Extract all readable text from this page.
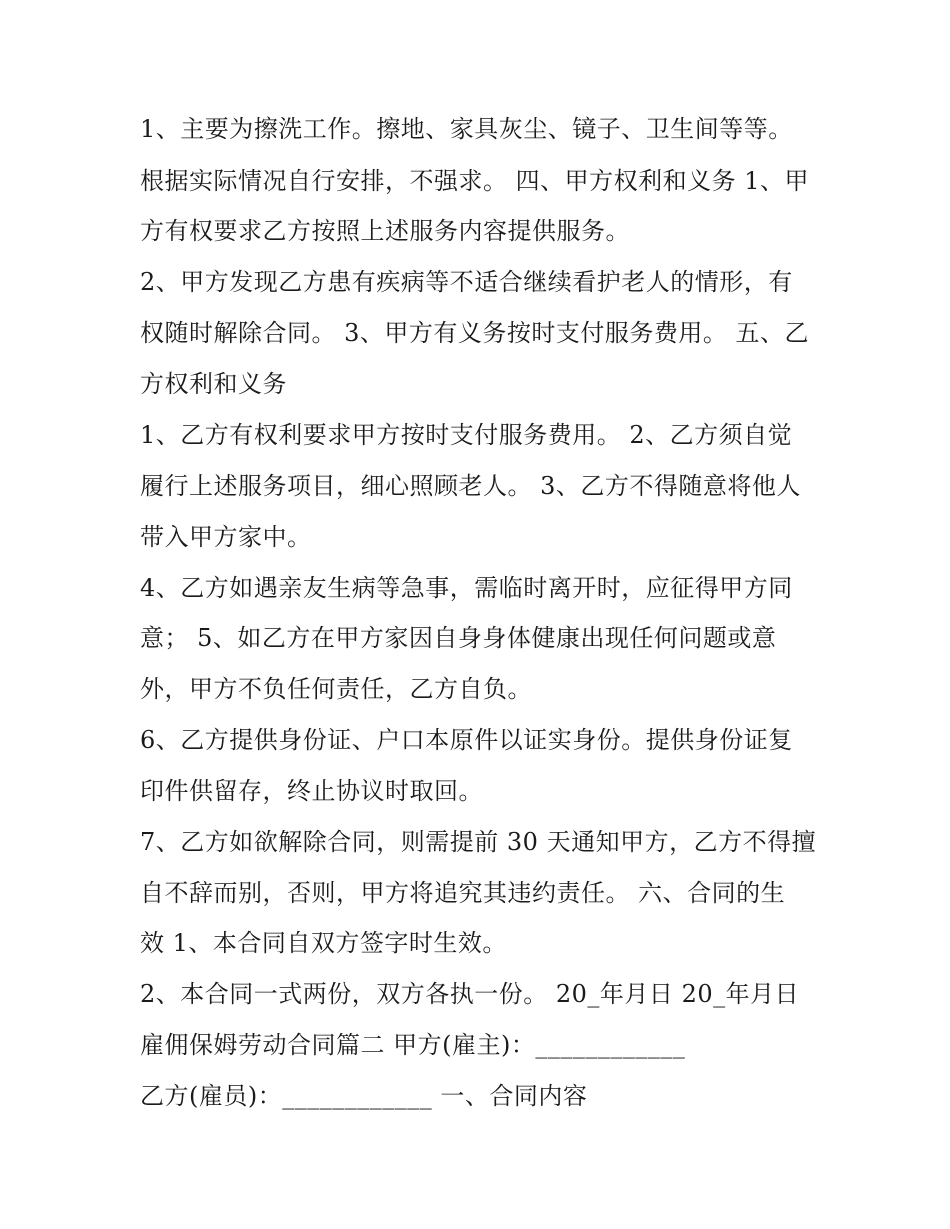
1、主要为擦洗工作。擦地、家具灰尘、镜子、卫生间等等。
根据实际情况自行安排，不强求。 四、甲方权利和义务 1、甲
方有权要求乙方按照上述服务内容提供服务。
2、甲方发现乙方患有疾病等不适合继续看护老人的情形，有
权随时解除合同。 3、甲方有义务按时支付服务费用。 五、乙
方权利和义务
1、乙方有权利要求甲方按时支付服务费用。 2、乙方须自觉
履行上述服务项目，细心照顾老人。 3、乙方不得随意将他人
带入甲方家中。
4、乙方如遇亲友生病等急事，需临时离开时，应征得甲方同
意； 5、如乙方在甲方家因自身身体健康出现任何问题或意
外，甲方不负任何责任，乙方自负。
6、乙方提供身份证、户口本原件以证实身份。提供身份证复
印件供留存，终止协议时取回。
7、乙方如欲解除合同，则需提前 30 天通知甲方，乙方不得擅
自不辞而别，否则，甲方将追究其违约责任。 六、合同的生
效 1、本合同自双方签字时生效。
2、本合同一式两份，双方各执一份。 20_年月日 20_年月日
雇佣保姆劳动合同篇二 甲方(雇主)：____________
乙方(雇员)：____________ 一、合同内容
